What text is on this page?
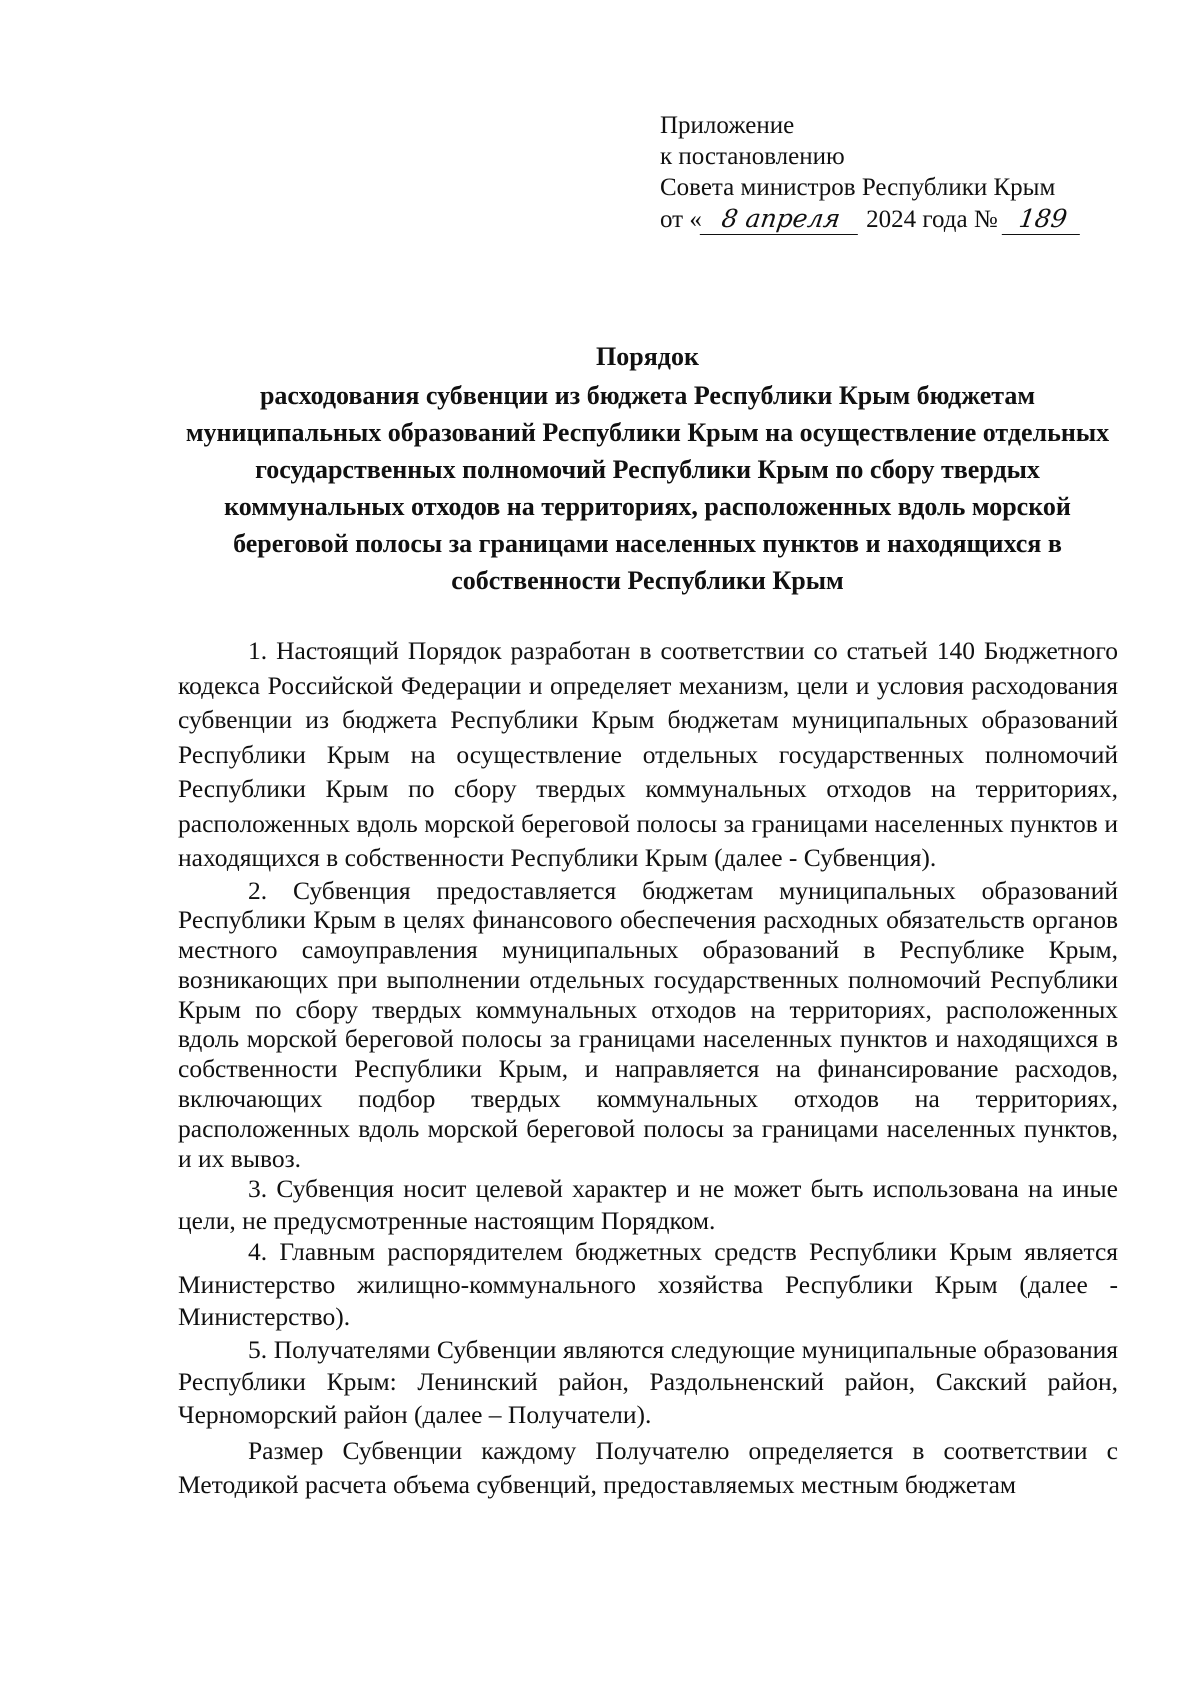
Приложение
к постановлению
Совета министров Республики Крым
от « 8 апреля 2024 года № 189
Порядок
расходования субвенции из бюджета Республики Крым бюджетам муниципальных образований Республики Крым на осуществление отдельных государственных полномочий Республики Крым по сбору твердых коммунальных отходов на территориях, расположенных вдоль морской береговой полосы за границами населенных пунктов и находящихся в собственности Республики Крым

1. Настоящий Порядок разработан в соответствии со статьей 140 Бюджетного кодекса Российской Федерации и определяет механизм, цели и условия расходования субвенции из бюджета Республики Крым бюджетам муниципальных образований Республики Крым на осуществление отдельных государственных полномочий Республики Крым по сбору твердых коммунальных отходов на территориях, расположенных вдоль морской береговой полосы за границами населенных пунктов и находящихся в собственности Республики Крым (далее - Субвенция).

2. Субвенция предоставляется бюджетам муниципальных образований Республики Крым в целях финансового обеспечения расходных обязательств органов местного самоуправления муниципальных образований в Республике Крым, возникающих при выполнении отдельных государственных полномочий Республики Крым по сбору твердых коммунальных отходов на территориях, расположенных вдоль морской береговой полосы за границами населенных пунктов и находящихся в собственности Республики Крым, и направляется на финансирование расходов, включающих подбор твердых коммунальных отходов на территориях, расположенных вдоль морской береговой полосы за границами населенных пунктов, и их вывоз.

3. Субвенция носит целевой характер и не может быть использована на иные цели, не предусмотренные настоящим Порядком.

4. Главным распорядителем бюджетных средств Республики Крым является Министерство жилищно-коммунального хозяйства Республики Крым (далее - Министерство).

5. Получателями Субвенции являются следующие муниципальные образования Республики Крым: Ленинский район, Раздольненский район, Сакский район, Черноморский район (далее – Получатели).

Размер Субвенции каждому Получателю определяется в соответствии с Методикой расчета объема субвенций, предоставляемых местным бюджетам
